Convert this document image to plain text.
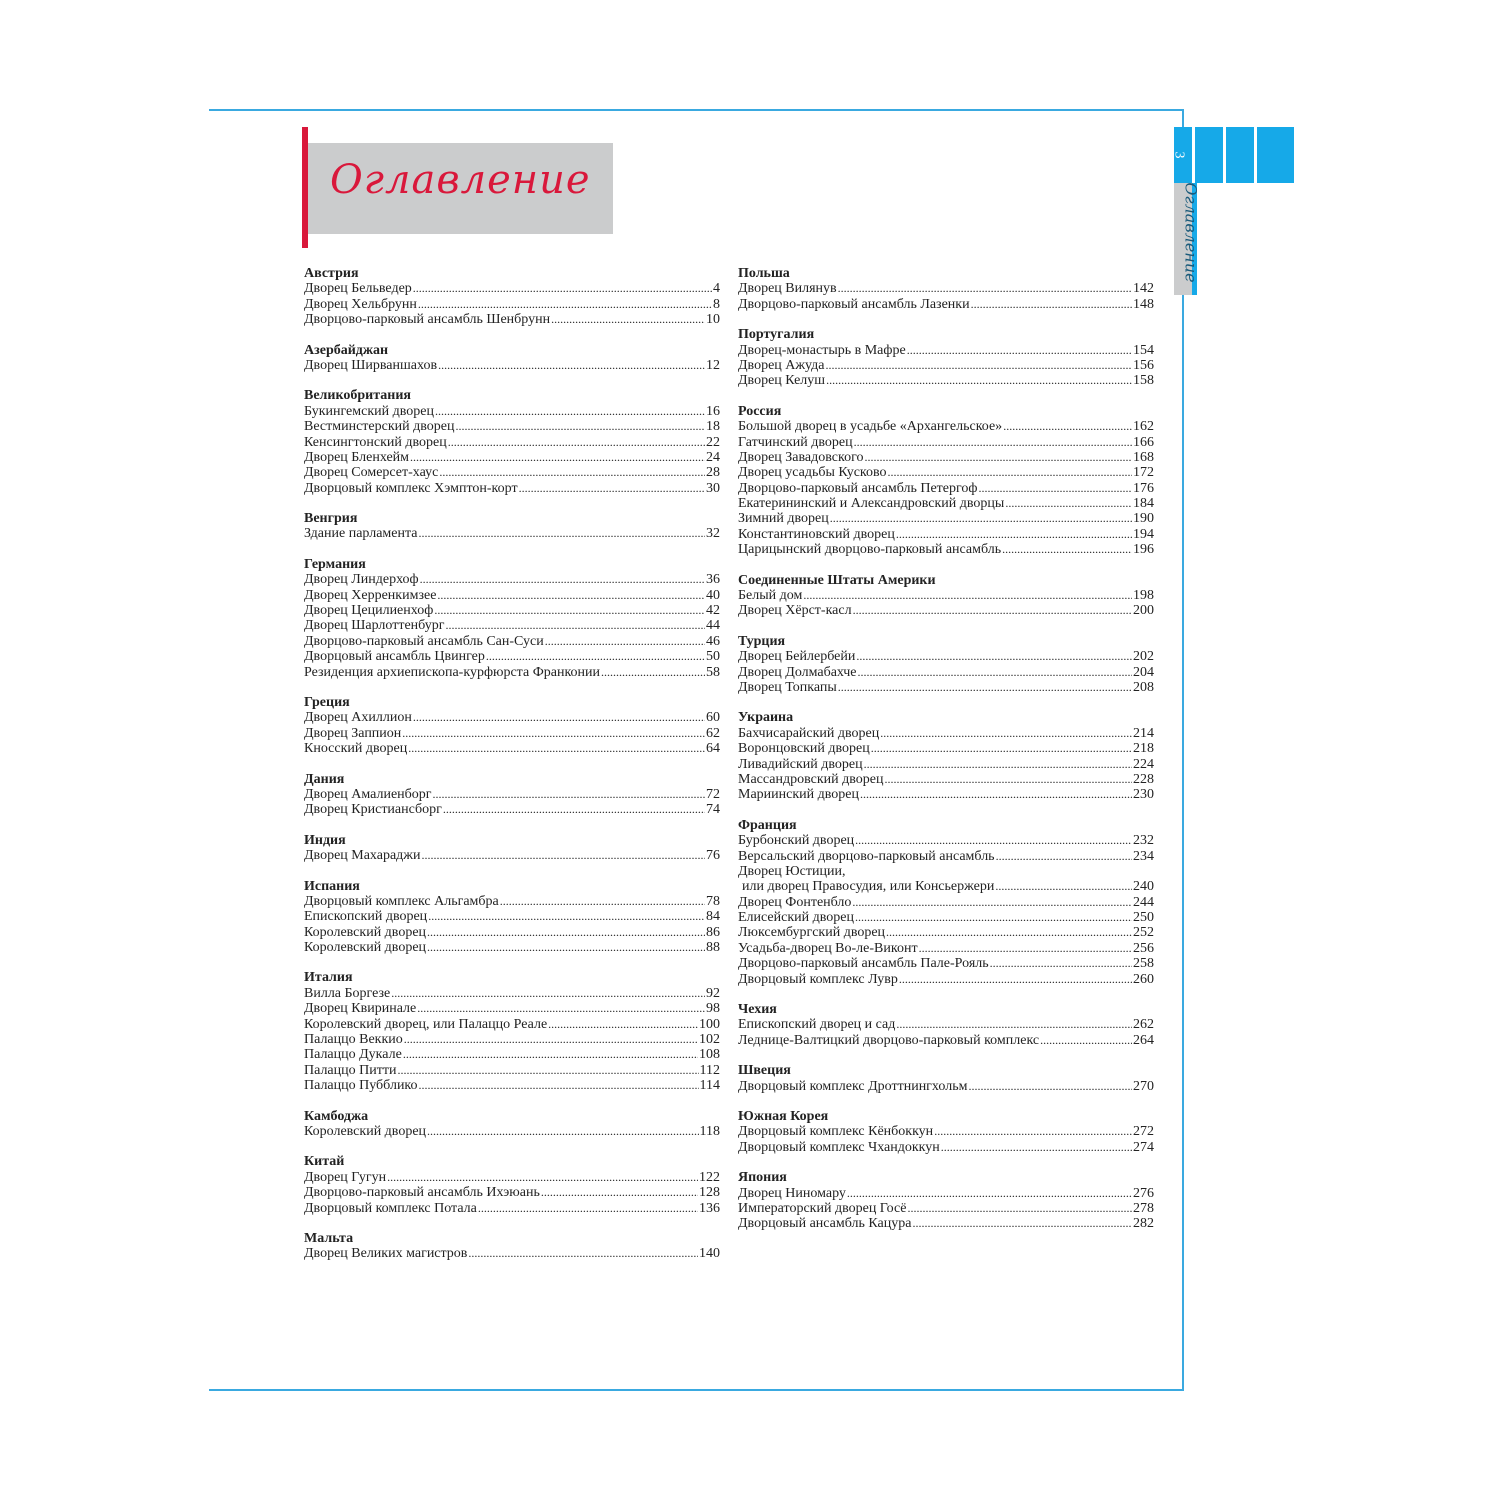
Оглавление
3
Оглавление
Австрия
Дворец Бельведер .....	4
Дворец Хельбрунн .....	8
Дворцово-парковый ансамбль Шенбрунн .....	10
Азербайджан
Дворец Ширваншахов .....	12
Великобритания
Букингемский дворец .....	16
Вестминстерский дворец .....	18
Кенсингтонский дворец .....	22
Дворец Бленхейм .....	24
Дворец Сомерсет-хаус .....	28
Дворцовый комплекс Хэмптон-корт .....	30
Венгрия
Здание парламента .....	32
Германия
Дворец Линдерхоф .....	36
Дворец Херренкимзее .....	40
Дворец Цецилиенхоф .....	42
Дворец Шарлоттенбург .....	44
Дворцово-парковый ансамбль Сан-Суси .....	46
Дворцовый ансамбль Цвингер .....	50
Резиденция архиепископа-курфюрста Франконии .....	58
Греция
Дворец Ахиллион .....	60
Дворец Заппион .....	62
Кносский дворец .....	64
Дания
Дворец Амалиенборг .....	72
Дворец Кристиансборг .....	74
Индия
Дворец Махараджи .....	76
Испания
Дворцовый комплекс Альгамбра .....	78
Епископский дворец .....	84
Королевский дворец .....	86
Королевский дворец .....	88
Италия
Вилла Боргезе .....	92
Дворец Квиринале .....	98
Королевский дворец, или Палаццо Реале .....	100
Палаццо Веккио .....	102
Палаццо Дукале .....	108
Палаццо Питти .....	112
Палаццо Пубблико .....	114
Камбоджа
Королевский дворец .....	118
Китай
Дворец Гугун .....	122
Дворцово-парковый ансамбль Ихэюань .....	128
Дворцовый комплекс Потала .....	136
Мальта
Дворец Великих магистров .....	140
Польша
Дворец Вилянув .....	142
Дворцово-парковый ансамбль Лазенки .....	148
Португалия
Дворец-монастырь в Мафре .....	154
Дворец Ажуда .....	156
Дворец Келуш .....	158
Россия
Большой дворец в усадьбе «Архангельское» .....	162
Гатчинский дворец .....	166
Дворец Завадовского .....	168
Дворец усадьбы Кусково .....	172
Дворцово-парковый ансамбль Петергоф .....	176
Екатерининский и Александровский дворцы .....	184
Зимний дворец .....	190
Константиновский дворец .....	194
Царицынский дворцово-парковый ансамбль .....	196
Соединенные Штаты Америки
Белый дом .....	198
Дворец Хёрст-касл .....	200
Турция
Дворец Бейлербейи .....	202
Дворец Долмабахче .....	204
Дворец Топкапы .....	208
Украина
Бахчисарайский дворец .....	214
Воронцовский дворец .....	218
Ливадийский дворец .....	224
Массандровский дворец .....	228
Мариинский дворец .....	230
Франция
Бурбонский дворец .....	232
Версальский дворцово-парковый ансамбль .....	234
Дворец Юстиции,
или дворец Правосудия, или Консьержери .....	240
Дворец Фонтенбло .....	244
Елисейский дворец .....	250
Люксембургский дворец .....	252
Усадьба-дворец Во-ле-Виконт .....	256
Дворцово-парковый ансамбль Пале-Рояль .....	258
Дворцовый комплекс Лувр .....	260
Чехия
Епископский дворец и сад .....	262
Леднице-Валтицкий дворцово-парковый комплекс .....	264
Швеция
Дворцовый комплекс Дроттнингхольм .....	270
Южная Корея
Дворцовый комплекс Кёнбоккун .....	272
Дворцовый комплекс Чхандоккун .....	274
Япония
Дворец Ниномару .....	276
Императорский дворец Госё .....	278
Дворцовый ансамбль Кацура .....	282
